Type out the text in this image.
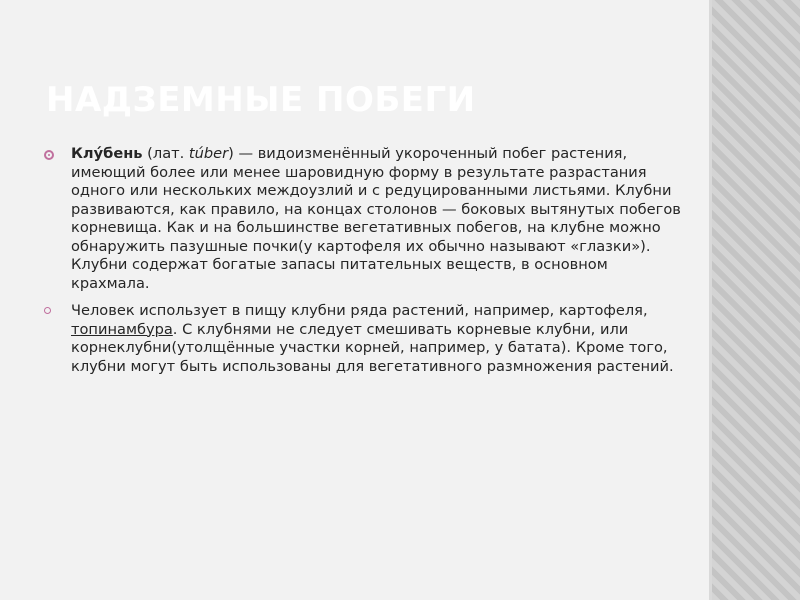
НАДЗЕМНЫЕ ПОБЕГИ

Клу́бень (лат. túber) — видоизменённый укороченный побег растения, имеющий более или менее шаровидную форму в результате разрастания одного или нескольких междоузлий и с редуцированными листьями. Клубни развиваются, как правило, на концах столонов — боковых вытянутых побегов корневища. Как и на большинстве вегетативных побегов, на клубне можно обнаружить пазушные почки(у картофеля их обычно называют «глазки»). Клубни содержат богатые запасы питательных веществ, в основном крахмала.

Человек использует в пищу клубни ряда растений, например, картофеля, топинамбура. С клубнями не следует смешивать корневые клубни, или корнеклубни(утолщённые участки корней, например, у батата). Кроме того, клубни могут быть использованы для вегетативного размножения растений.
